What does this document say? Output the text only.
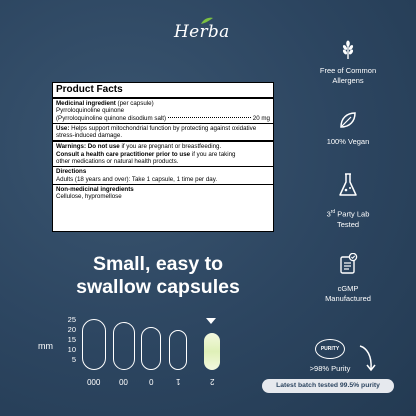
Herba
Product Facts
Medicinal ingredient (per capsule)
Pyrroloquinoline quinone
(Pyrroloquinoline quinone disodium salt)	20 mg
Use: Helps support mitochondrial function by protecting against oxidative stress-induced damage.
Warnings: Do not use if you are pregnant or breastfeeding.
Consult a health care practitioner prior to use if you are taking
other medications or natural health products.
Directions
Adults (18 years and over): Take 1 capsule, 1 time per day.
Non-medicinal ingredients
Cellulose, hypromellose
Small, easy to
swallow capsules
mm
25
20
15
10
5
000 00	0	1	2
Free of Common
Allergens
100% Vegan
3rd Party Lab
Tested
cGMP
Manufactured
PURITY
>98% Purity
Latest batch tested 99.5% purity
